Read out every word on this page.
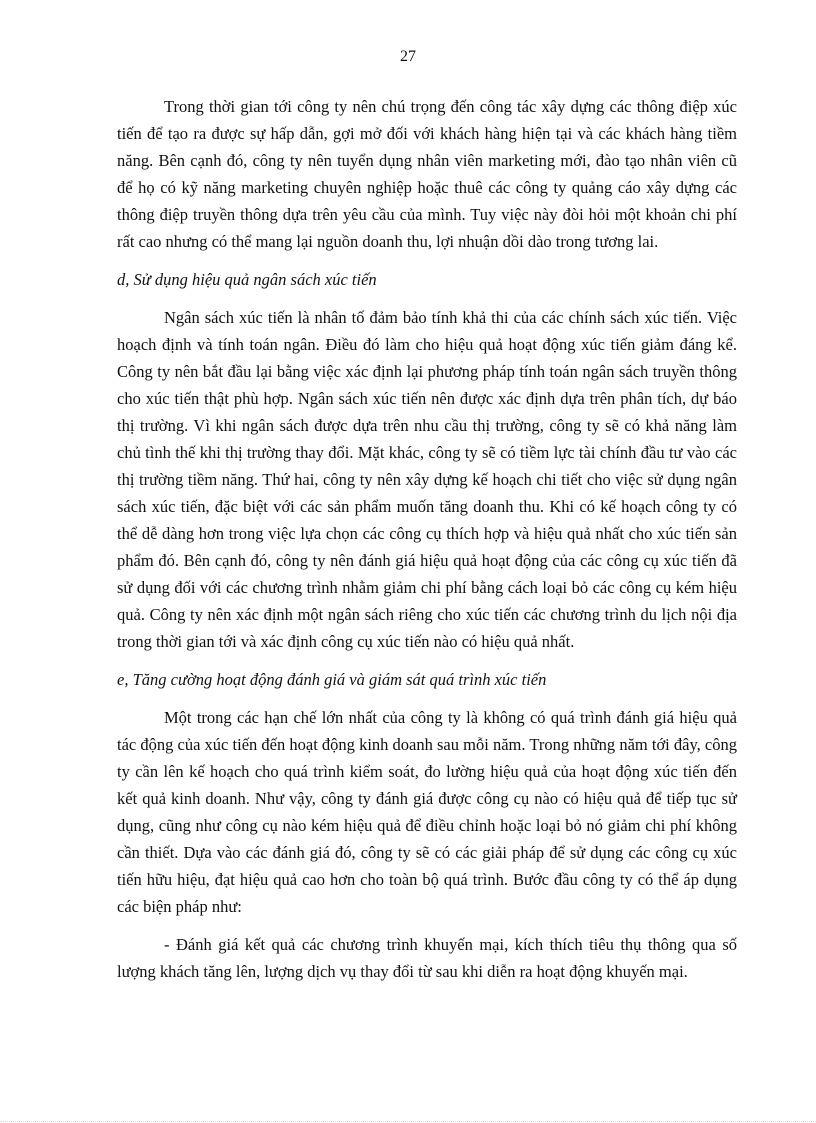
27

Trong thời gian tới công ty nên chú trọng đến công tác xây dựng các thông điệp xúc tiến để tạo ra được sự hấp dẫn, gợi mở đối với khách hàng hiện tại và các khách hàng tiềm năng. Bên cạnh đó, công ty nên tuyển dụng nhân viên marketing mới, đào tạo nhân viên cũ để họ có kỹ năng marketing chuyên nghiệp hoặc thuê các công ty quảng cáo xây dựng các thông điệp truyền thông dựa trên yêu cầu của mình. Tuy việc này đòi hỏi một khoản chi phí rất cao nhưng có thể mang lại nguồn doanh thu, lợi nhuận dồi dào trong tương lai.

d, Sử dụng hiệu quả ngân sách xúc tiến

Ngân sách xúc tiến là nhân tố đảm bảo tính khả thi của các chính sách xúc tiến. Việc hoạch định và tính toán ngân. Điều đó làm cho hiệu quả hoạt động xúc tiến giảm đáng kể. Công ty nên bắt đầu lại bằng việc xác định lại phương pháp tính toán ngân sách truyền thông cho xúc tiến thật phù hợp. Ngân sách xúc tiến nên được xác định dựa trên phân tích, dự báo thị trường. Vì khi ngân sách được dựa trên nhu cầu thị trường, công ty sẽ có khả năng làm chủ tình thế khi thị trường thay đổi. Mặt khác, công ty sẽ có tiềm lực tài chính đầu tư vào các thị trường tiềm năng. Thứ hai, công ty nên xây dựng kế hoạch chi tiết cho việc sử dụng ngân sách xúc tiến, đặc biệt với các sản phẩm muốn tăng doanh thu. Khi có kế hoạch công ty có thể dễ dàng hơn trong việc lựa chọn các công cụ thích hợp và hiệu quả nhất cho xúc tiến sản phẩm đó. Bên cạnh đó, công ty nên đánh giá hiệu quả hoạt động của các công cụ xúc tiến đã sử dụng đối với các chương trình nhằm giảm chi phí bằng cách loại bỏ các công cụ kém hiệu quả. Công ty nên xác định một ngân sách riêng cho xúc tiến các chương trình du lịch nội địa trong thời gian tới và xác định công cụ xúc tiến nào có hiệu quả nhất.

e, Tăng cường hoạt động đánh giá và giám sát quá trình xúc tiến

Một trong các hạn chế lớn nhất của công ty là không có quá trình đánh giá hiệu quả tác động của xúc tiến đến hoạt động kinh doanh sau mỗi năm. Trong những năm tới đây, công ty cần lên kế hoạch cho quá trình kiểm soát, đo lường hiệu quả của hoạt động xúc tiến đến kết quả kinh doanh. Như vậy, công ty đánh giá được công cụ nào có hiệu quả để tiếp tục sử dụng, cũng như công cụ nào kém hiệu quả để điều chỉnh hoặc loại bỏ nó giảm chi phí không cần thiết. Dựa vào các đánh giá đó, công ty sẽ có các giải pháp để sử dụng các công cụ xúc tiến hữu hiệu, đạt hiệu quả cao hơn cho toàn bộ quá trình. Bước đầu công ty có thể áp dụng các biện pháp như:

- Đánh giá kết quả các chương trình khuyến mại, kích thích tiêu thụ thông qua số lượng khách tăng lên, lượng dịch vụ thay đổi từ sau khi diễn ra hoạt động khuyến mại.
